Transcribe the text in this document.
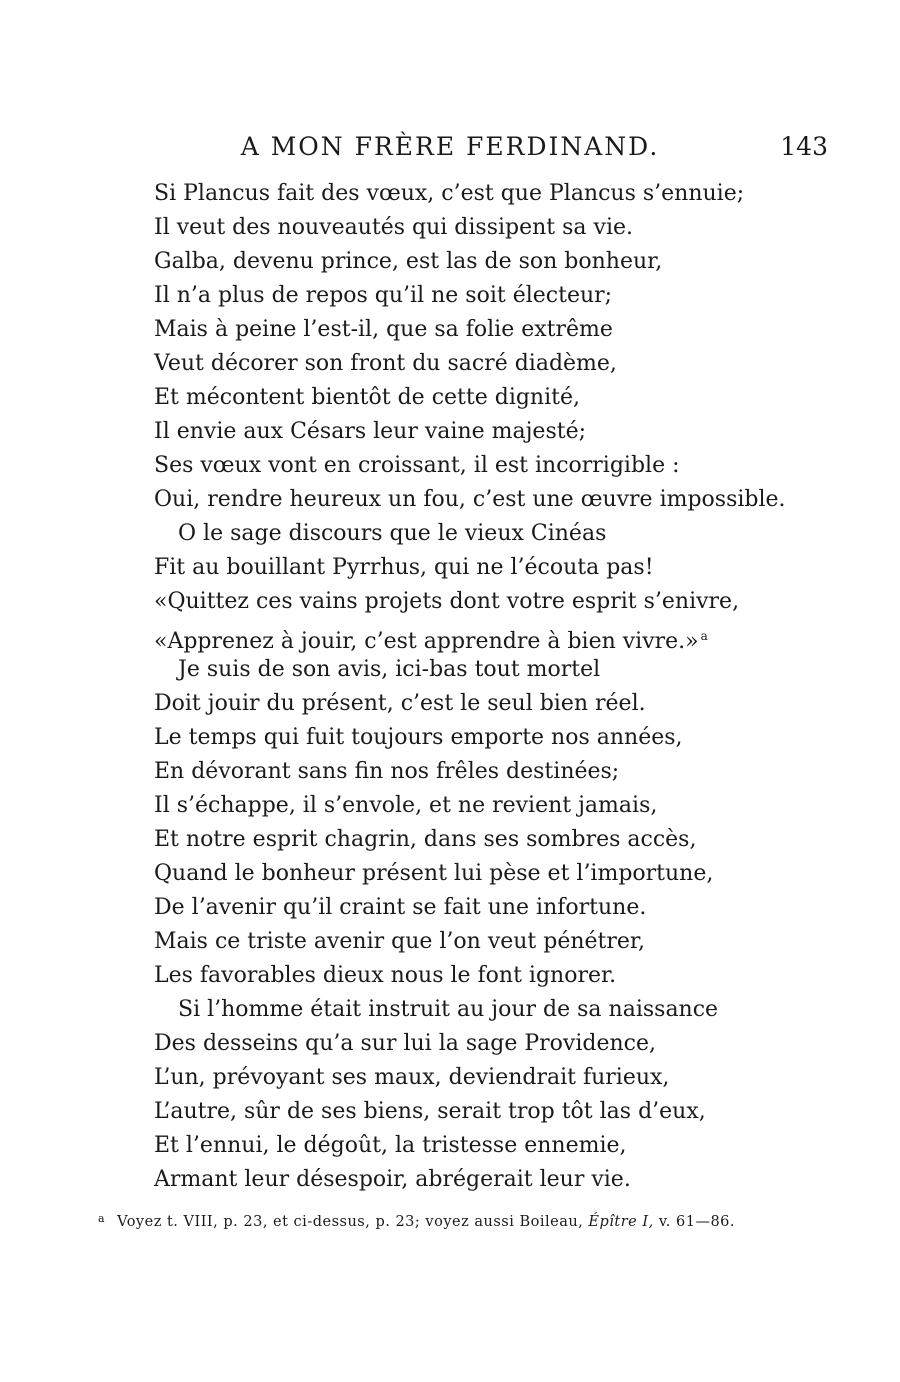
A MON FRÈRE FERDINAND.	143
Si Plancus fait des vœux, c’est que Plancus s’ennuie;
Il veut des nouveautés qui dissipent sa vie.
Galba, devenu prince, est las de son bonheur,
Il n’a plus de repos qu’il ne soit électeur;
Mais à peine l’est-il, que sa folie extrême
Veut décorer son front du sacré diadème,
Et mécontent bientôt de cette dignité,
Il envie aux Césars leur vaine majesté;
Ses vœux vont en croissant, il est incorrigible :
Oui, rendre heureux un fou, c’est une œuvre impossible.
O le sage discours que le vieux Cinéas
Fit au bouillant Pyrrhus, qui ne l’écouta pas!
«Quittez ces vains projets dont votre esprit s’enivre,
«Apprenez à jouir, c’est apprendre à bien vivre.» $^a$
Je suis de son avis, ici-bas tout mortel
Doit jouir du présent, c’est le seul bien réel.
Le temps qui fuit toujours emporte nos années,
En dévorant sans fin nos frêles destinées;
Il s’échappe, il s’envole, et ne revient jamais,
Et notre esprit chagrin, dans ses sombres accès,
Quand le bonheur présent lui pèse et l’importune,
De l’avenir qu’il craint se fait une infortune.
Mais ce triste avenir que l’on veut pénétrer,
Les favorables dieux nous le font ignorer.
Si l’homme était instruit au jour de sa naissance
Des desseins qu’a sur lui la sage Providence,
L’un, prévoyant ses maux, deviendrait furieux,
L’autre, sûr de ses biens, serait trop tôt las d’eux,
Et l’ennui, le dégoût, la tristesse ennemie,
Armant leur désespoir, abrégerait leur vie.
$^a$ Voyez t. VIII, p. 23, et ci-dessus, p. 23; voyez aussi Boileau, Épître I, v. 61—86.
